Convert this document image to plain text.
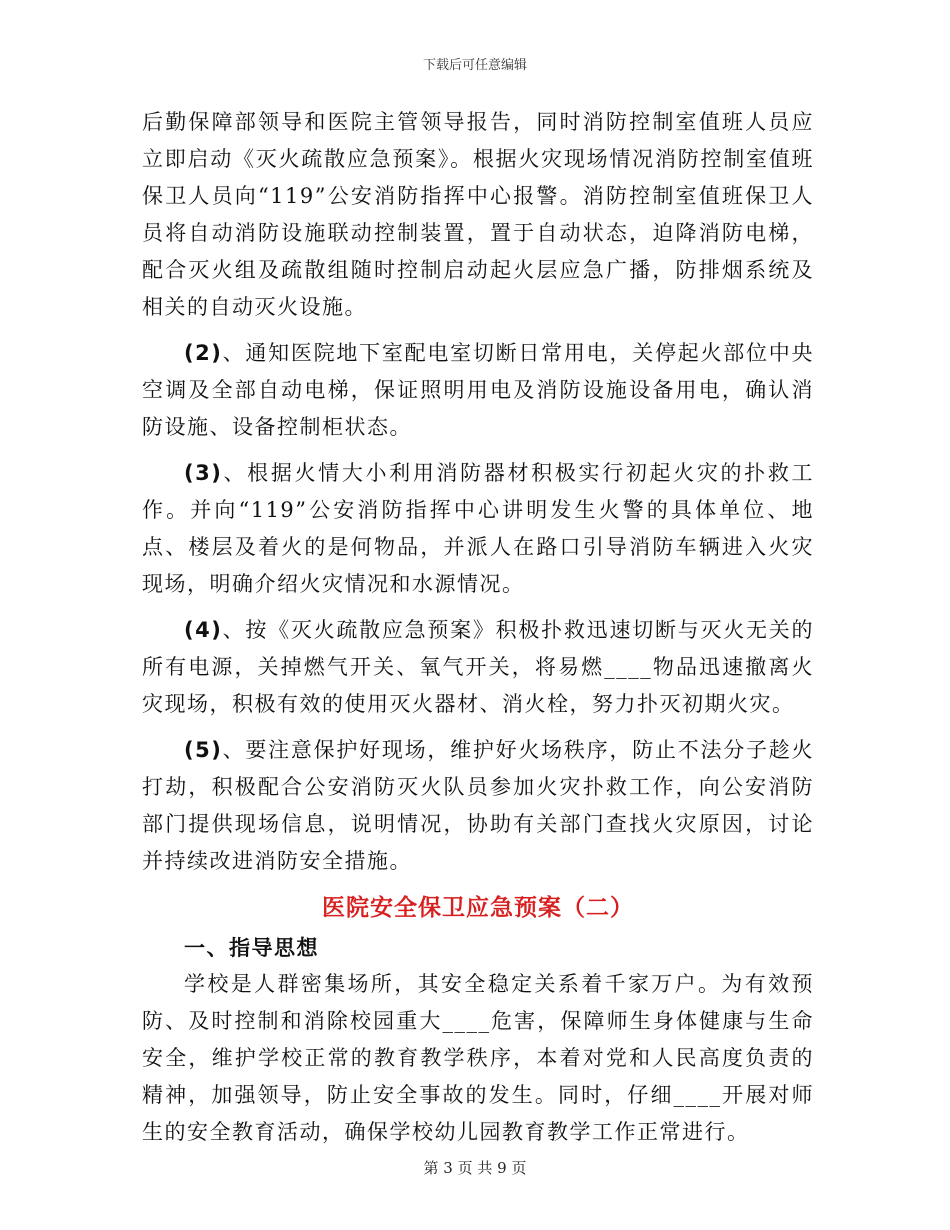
下载后可任意编辑

后勤保障部领导和医院主管领导报告，同时消防控制室值班人员应立即启动《灭火疏散应急预案》。根据火灾现场情况消防控制室值班保卫人员向“119”公安消防指挥中心报警。消防控制室值班保卫人员将自动消防设施联动控制装置，置于自动状态，迫降消防电梯，配合灭火组及疏散组随时控制启动起火层应急广播，防排烟系统及相关的自动灭火设施。

(2)、通知医院地下室配电室切断日常用电，关停起火部位中央空调及全部自动电梯，保证照明用电及消防设施设备用电，确认消防设施、设备控制柜状态。

(3)、根据火情大小利用消防器材积极实行初起火灾的扑救工作。并向“119”公安消防指挥中心讲明发生火警的具体单位、地点、楼层及着火的是何物品，并派人在路口引导消防车辆进入火灾现场，明确介绍火灾情况和水源情况。

(4)、按《灭火疏散应急预案》积极扑救迅速切断与灭火无关的所有电源，关掉燃气开关、氧气开关，将易燃____物品迅速撤离火灾现场，积极有效的使用灭火器材、消火栓，努力扑灭初期火灾。

(5)、要注意保护好现场，维护好火场秩序，防止不法分子趁火打劫，积极配合公安消防灭火队员参加火灾扑救工作，向公安消防部门提供现场信息，说明情况，协助有关部门查找火灾原因，讨论并持续改进消防安全措施。

医院安全保卫应急预案（二）
一、指导思想

学校是人群密集场所，其安全稳定关系着千家万户。为有效预防、及时控制和消除校园重大____危害，保障师生身体健康与生命安全，维护学校正常的教育教学秩序，本着对党和人民高度负责的精神，加强领导，防止安全事故的发生。同时，仔细____开展对师生的安全教育活动，确保学校幼儿园教育教学工作正常进行。

第 3 页 共 9 页
